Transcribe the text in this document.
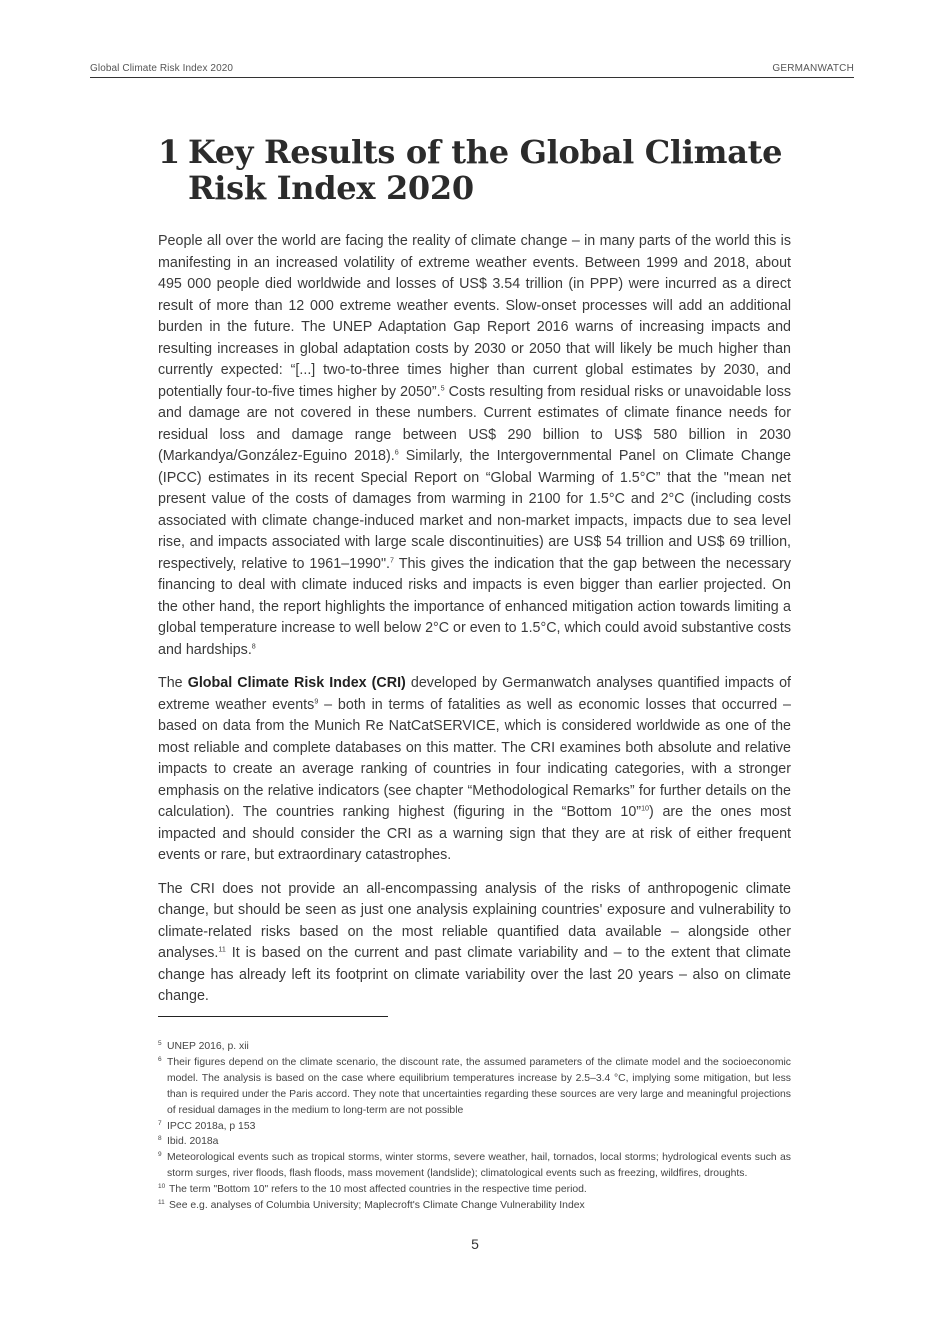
Global Climate Risk Index 2020	GERMANWATCH
1 Key Results of the Global Climate Risk Index 2020

People all over the world are facing the reality of climate change – in many parts of the world this is manifesting in an increased volatility of extreme weather events. Between 1999 and 2018, about 495 000 people died worldwide and losses of US$ 3.54 trillion (in PPP) were incurred as a direct result of more than 12 000 extreme weather events. Slow-onset processes will add an additional burden in the future. The UNEP Adaptation Gap Report 2016 warns of increasing impacts and resulting increases in global adaptation costs by 2030 or 2050 that will likely be much higher than currently expected: “[...] two-to-three times higher than current global estimates by 2030, and potentially four-to-five times higher by 2050”.$^5$ Costs resulting from residual risks or unavoidable loss and damage are not covered in these numbers. Current estimates of climate finance needs for residual loss and damage range between US$ 290 billion to US$ 580 billion in 2030 (Markandya/González-Eguino 2018).$^6$ Similarly, the Intergovernmental Panel on Climate Change (IPCC) estimates in its recent Special Report on “Global Warming of 1.5°C” that the "mean net present value of the costs of damages from warming in 2100 for 1.5°C and 2°C (including costs associated with climate change-induced market and non-market impacts, impacts due to sea level rise, and impacts associated with large scale discontinuities) are US$ 54 trillion and US$ 69 trillion, respectively, relative to 1961–1990".$^7$ This gives the indication that the gap between the necessary financing to deal with climate induced risks and impacts is even bigger than earlier projected. On the other hand, the report highlights the importance of enhanced mitigation action towards limiting a global temperature increase to well below 2°C or even to 1.5°C, which could avoid substantive costs and hardships.$^8$

The Global Climate Risk Index (CRI) developed by Germanwatch analyses quantified impacts of extreme weather events$^9$ – both in terms of fatalities as well as economic losses that occurred – based on data from the Munich Re NatCatSERVICE, which is considered worldwide as one of the most reliable and complete databases on this matter. The CRI examines both absolute and relative impacts to create an average ranking of countries in four indicating categories, with a stronger emphasis on the relative indicators (see chapter “Methodological Remarks” for further details on the calculation). The countries ranking highest (figuring in the “Bottom 10”$^{10}$) are the ones most impacted and should consider the CRI as a warning sign that they are at risk of either frequent events or rare, but extraordinary catastrophes.

The CRI does not provide an all-encompassing analysis of the risks of anthropogenic climate change, but should be seen as just one analysis explaining countries' exposure and vulnerability to climate-related risks based on the most reliable quantified data available – alongside other analyses.$^{11}$ It is based on the current and past climate variability and – to the extent that climate change has already left its footprint on climate variability over the last 20 years – also on climate change.

5 UNEP 2016, p. xii
6 Their figures depend on the climate scenario, the discount rate, the assumed parameters of the climate model and the socioeconomic model. The analysis is based on the case where equilibrium temperatures increase by 2.5–3.4 °C, implying some mitigation, but less than is required under the Paris accord. They note that uncertainties regarding these sources are very large and meaningful projections of residual damages in the medium to long-term are not possible
7 IPCC 2018a, p 153
8 Ibid. 2018a
9 Meteorological events such as tropical storms, winter storms, severe weather, hail, tornados, local storms; hydrological events such as storm surges, river floods, flash floods, mass movement (landslide); climatological events such as freezing, wildfires, droughts.
10 The term "Bottom 10" refers to the 10 most affected countries in the respective time period.
11 See e.g. analyses of Columbia University; Maplecroft's Climate Change Vulnerability Index
5
